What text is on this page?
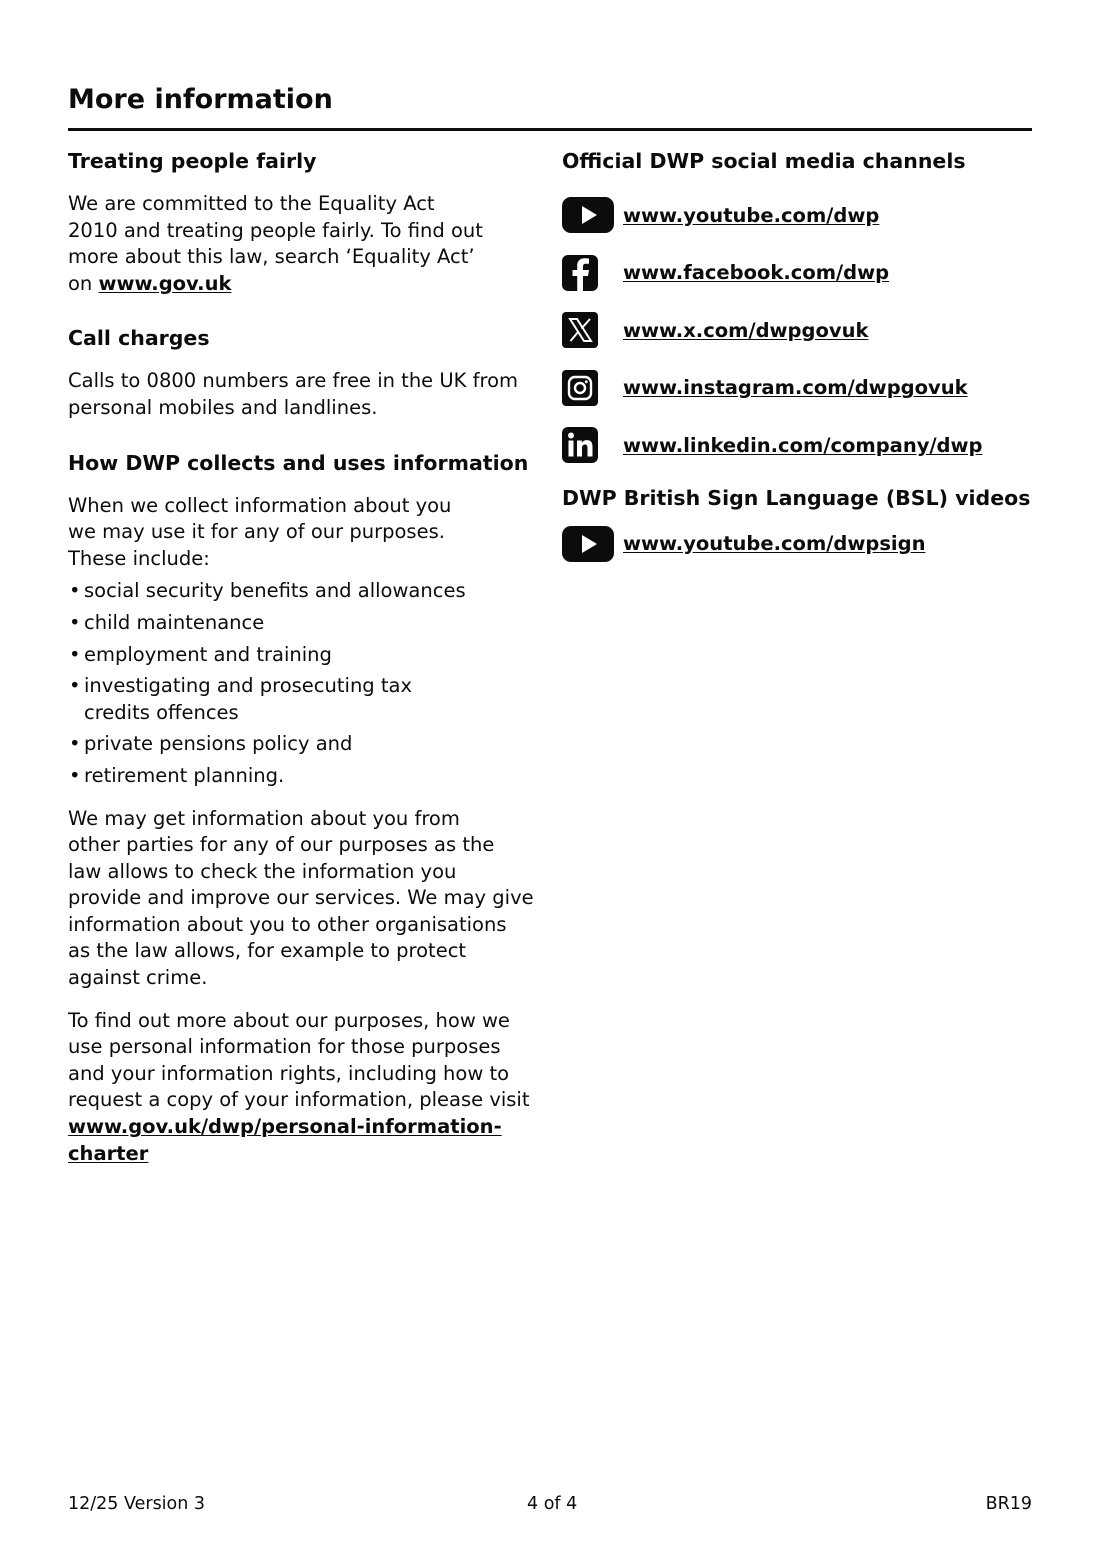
More information
Treating people fairly

We are committed to the Equality Act
2010 and treating people fairly. To find out
more about this law, search ‘Equality Act’
on www.gov.uk

Call charges

Calls to 0800 numbers are free in the UK from
personal mobiles and landlines.

How DWP collects and uses information

When we collect information about you
we may use it for any of our purposes.
These include:

• social security benefits and allowances
• child maintenance
• employment and training
• investigating and prosecuting tax
credits offences
• private pensions policy and
• retirement planning.

We may get information about you from
other parties for any of our purposes as the
law allows to check the information you
provide and improve our services. We may give
information about you to other organisations
as the law allows, for example to protect
against crime.

To find out more about our purposes, how we
use personal information for those purposes
and your information rights, including how to
request a copy of your information, please visit
www.gov.uk/dwp/personal-information-charter

Official DWP social media channels
www.youtube.com/dwp
www.facebook.com/dwp
www.x.com/dwpgovuk
www.instagram.com/dwpgovuk
www.linkedin.com/company/dwp
DWP British Sign Language (BSL) videos
www.youtube.com/dwpsign
12/25 Version 3	4 of 4	BR19
